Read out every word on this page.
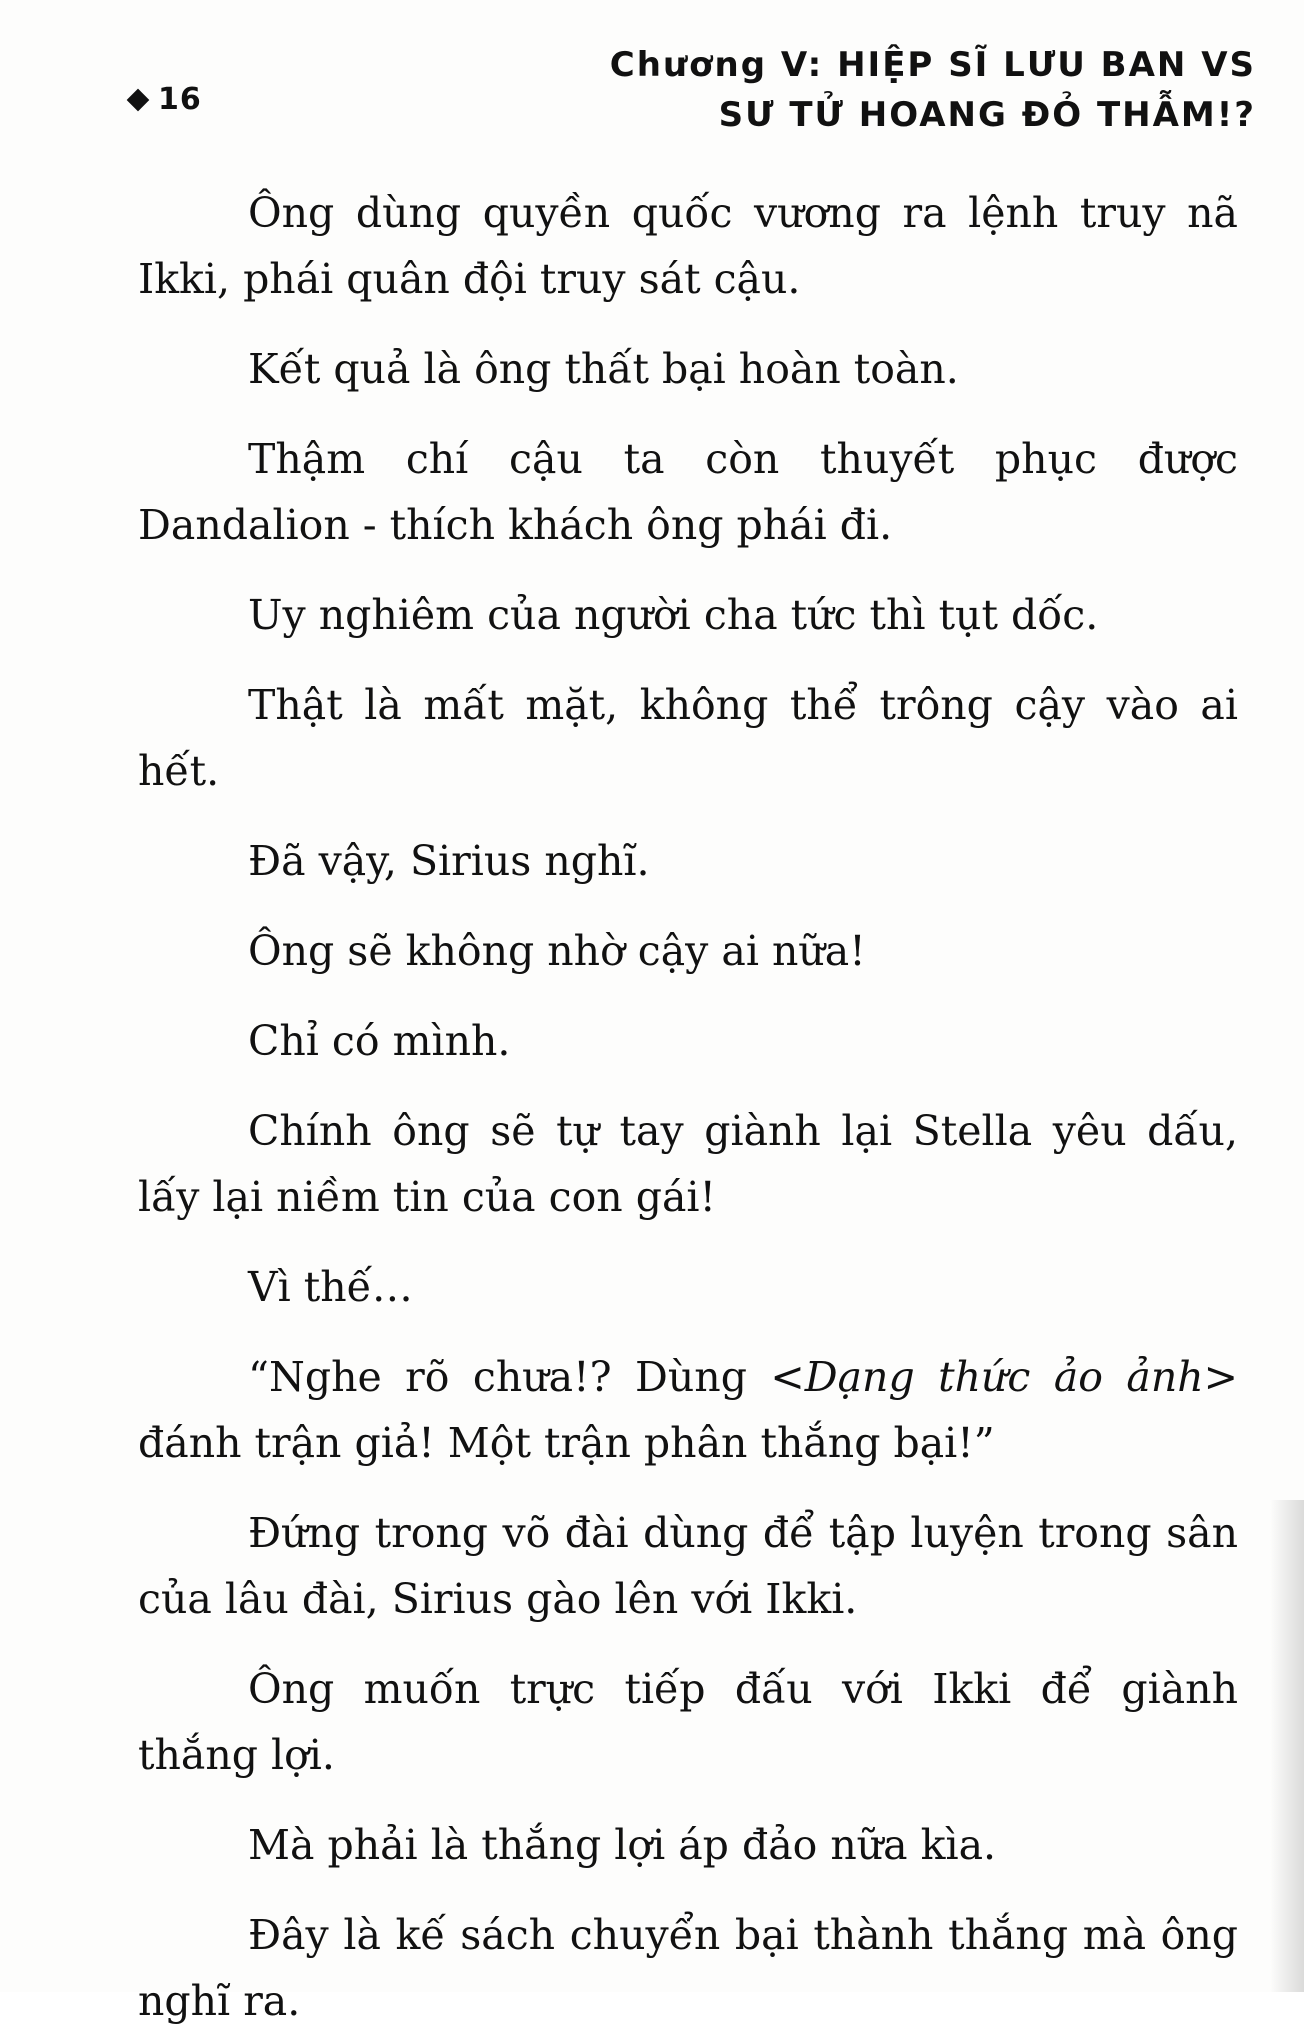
16
Chương V: HIỆP SĨ LƯU BAN VS
SƯ TỬ HOANG ĐỎ THẪM!?

Ông dùng quyền quốc vương ra lệnh truy nã Ikki, phái quân đội truy sát cậu.

Kết quả là ông thất bại hoàn toàn.

Thậm chí cậu ta còn thuyết phục được Dandalion - thích khách ông phái đi.

Uy nghiêm của người cha tức thì tụt dốc.

Thật là mất mặt, không thể trông cậy vào ai hết.

Đã vậy, Sirius nghĩ.

Ông sẽ không nhờ cậy ai nữa!

Chỉ có mình.

Chính ông sẽ tự tay giành lại Stella yêu dấu, lấy lại niềm tin của con gái!

Vì thế…

“Nghe rõ chưa!? Dùng <Dạng thức ảo ảnh> đánh trận giả! Một trận phân thắng bại!”

Đứng trong võ đài dùng để tập luyện trong sân của lâu đài, Sirius gào lên với Ikki.

Ông muốn trực tiếp đấu với Ikki để giành thắng lợi.

Mà phải là thắng lợi áp đảo nữa kìa.

Đây là kế sách chuyển bại thành thắng mà ông nghĩ ra.
